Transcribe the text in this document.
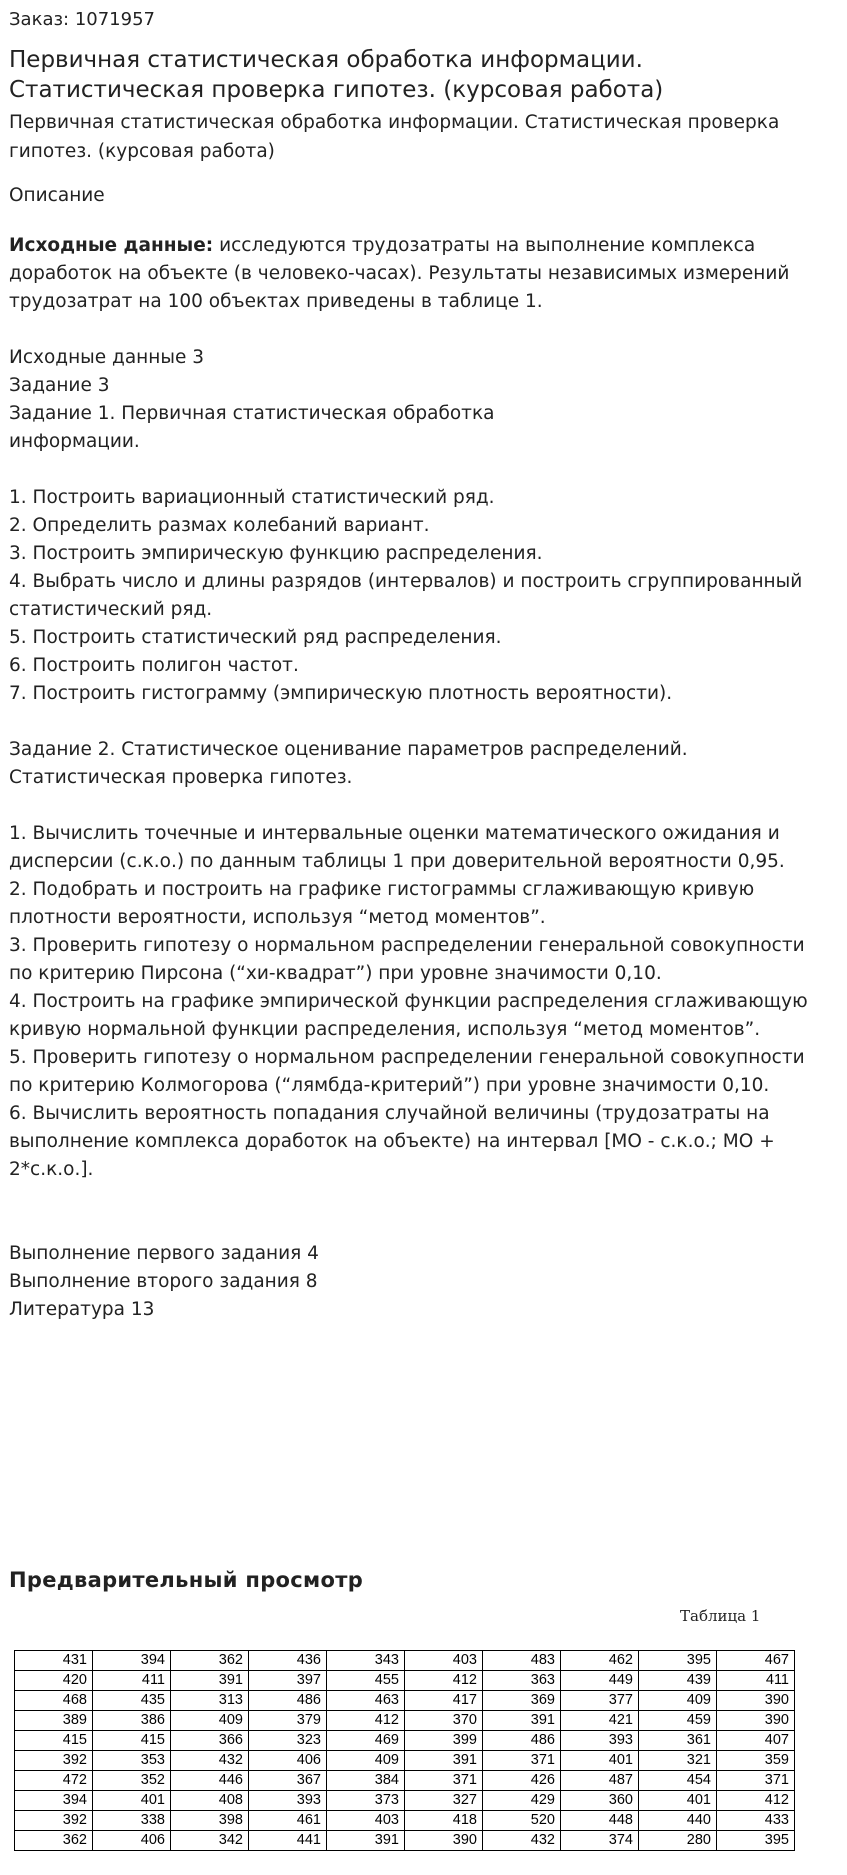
Заказ: 1071957
Первичная статистическая обработка информации.
Статистическая проверка гипотез. (курсовая работа)
Первичная статистическая обработка информации. Статистическая проверка
гипотез. (курсовая работа)
Описание
Исходные данные: исследуются трудозатраты на выполнение комплекса
доработок на объекте (в человеко-часах). Результаты независимых измерений
трудозатрат на 100 объектах приведены в таблице 1.
Исходные данные 3
Задание 3
Задание 1. Первичная статистическая обработка
информации.
1. Построить вариационный статистический ряд.
2. Определить размах колебаний вариант.
3. Построить эмпирическую функцию распределения.
4. Выбрать число и длины разрядов (интервалов) и построить сгруппированный
статистический ряд.
5. Построить статистический ряд распределения.
6. Построить полигон частот.
7. Построить гистограмму (эмпирическую плотность вероятности).
Задание 2. Статистическое оценивание параметров распределений.
Статистическая проверка гипотез.
1. Вычислить точечные и интервальные оценки математического ожидания и
дисперсии (с.к.о.) по данным таблицы 1 при доверительной вероятности 0,95.
2. Подобрать и построить на графике гистограммы сглаживающую кривую
плотности вероятности, используя “метод моментов”.
3. Проверить гипотезу о нормальном распределении генеральной совокупности
по критерию Пирсона (“хи-квадрат”) при уровне значимости 0,10.
4. Построить на графике эмпирической функции распределения сглаживающую
кривую нормальной функции распределения, используя “метод моментов”.
5. Проверить гипотезу о нормальном распределении генеральной совокупности
по критерию Колмогорова (“лямбда-критерий”) при уровне значимости 0,10.
6. Вычислить вероятность попадания случайной величины (трудозатраты на
выполнение комплекса доработок на объекте) на интервал [МО - с.к.о.; МО +
2*с.к.о.].
Выполнение первого задания 4
Выполнение второго задания 8
Литература 13
Предварительный просмотр
Таблица 1
431	394	362	436	343	403	483	462	395	467
420	411	391	397	455	412	363	449	439	411
468	435	313	486	463	417	369	377	409	390
389	386	409	379	412	370	391	421	459	390
415	415	366	323	469	399	486	393	361	407
392	353	432	406	409	391	371	401	321	359
472	352	446	367	384	371	426	487	454	371
394	401	408	393	373	327	429	360	401	412
392	338	398	461	403	418	520	448	440	433
362	406	342	441	391	390	432	374	280	395
